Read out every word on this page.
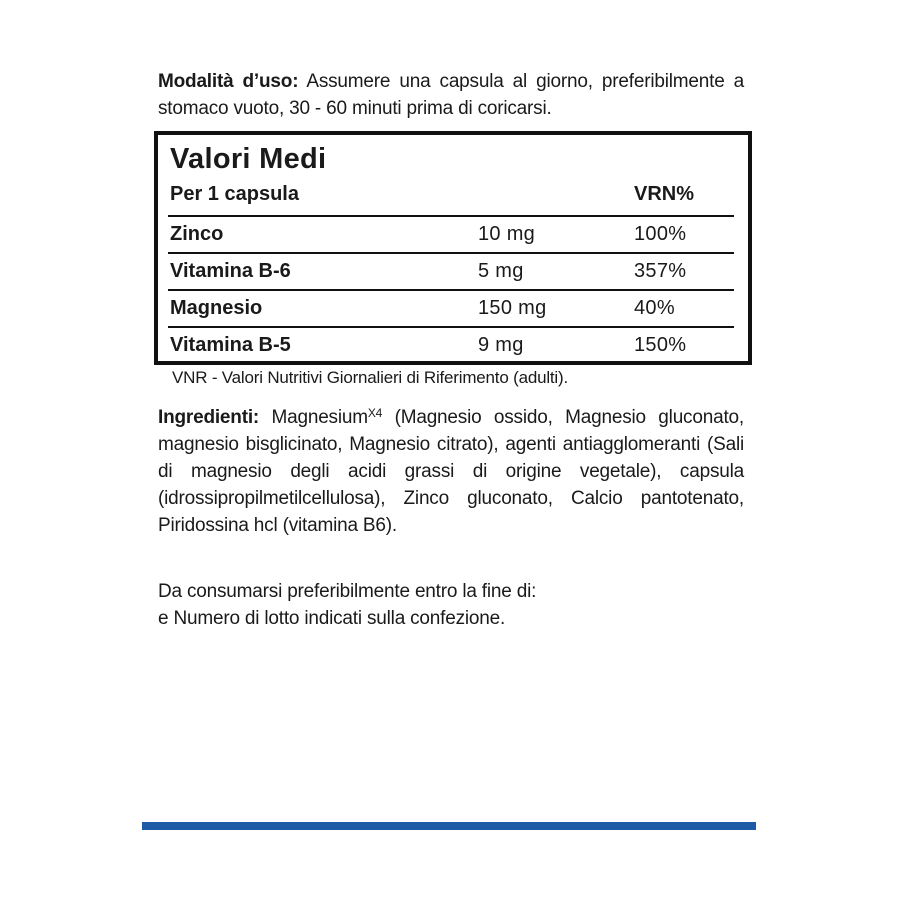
Modalità d’uso: Assumere una capsula al giorno, preferibilmente a stomaco vuoto, 30 - 60 minuti prima di coricarsi.
Valori Medi
Per 1 capsula	VRN%
Zinco	10 mg	100%
Vitamina B-6	5 mg	357%
Magnesio	150 mg	40%
Vitamina B-5	9 mg	150%
VNR - Valori Nutritivi Giornalieri di Riferimento (adulti).
Ingredienti: Magnesium$^{X4}$ (Magnesio ossido, Magnesio gluconato, magnesio bisglicinato, Magnesio citrato), agenti antiagglomeranti (Sali di magnesio degli acidi grassi di origine vegetale), capsula (idrossipropilmetilcellulosa), Zinco gluconato, Calcio pantotenato, Piridossina hcl (vitamina B6).
Da consumarsi preferibilmente entro la fine di:
e Numero di lotto indicati sulla confezione.
